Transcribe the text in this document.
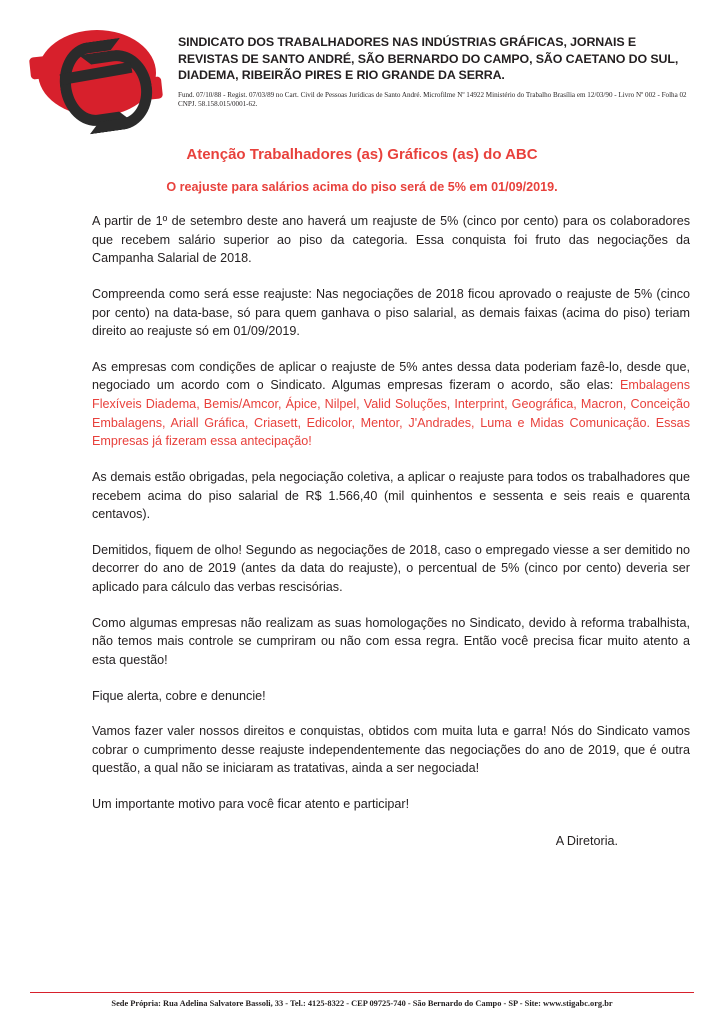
SINDICATO DOS TRABALHADORES NAS INDÚSTRIAS GRÁFICAS, JORNAIS E REVISTAS DE SANTO ANDRÉ, SÃO BERNARDO DO CAMPO, SÃO CAETANO DO SUL, DIADEMA, RIBEIRÃO PIRES E RIO GRANDE DA SERRA.
Fund. 07/10/88 - Regist. 07/03/89 no Cart. Civil de Pessoas Jurídicas de Santo André. Microfilme Nº 14922 Ministério do Trabalho Brasília em 12/03/90 - Livro Nº 002 - Folha 02 CNPJ. 58.158.015/0001-62.
Atenção Trabalhadores (as) Gráficos (as) do ABC
O reajuste para salários acima do piso será de 5% em 01/09/2019.

A partir de 1º de setembro deste ano haverá um reajuste de 5% (cinco por cento) para os colaboradores que recebem salário superior ao piso da categoria. Essa conquista foi fruto das negociações da Campanha Salarial de 2018.

Compreenda como será esse reajuste: Nas negociações de 2018 ficou aprovado o reajuste de 5% (cinco por cento) na data-base, só para quem ganhava o piso salarial, as demais faixas (acima do piso) teriam direito ao reajuste só em 01/09/2019.

As empresas com condições de aplicar o reajuste de 5% antes dessa data poderiam fazê-lo, desde que, negociado um acordo com o Sindicato. Algumas empresas fizeram o acordo, são elas: Embalagens Flexíveis Diadema, Bemis/Amcor, Ápice, Nilpel, Valid Soluções, Interprint, Geográfica, Macron, Conceição Embalagens, Ariall Gráfica, Criasett, Edicolor, Mentor, J'Andrades, Luma e Midas Comunicação. Essas Empresas já fizeram essa antecipação!

As demais estão obrigadas, pela negociação coletiva, a aplicar o reajuste para todos os trabalhadores que recebem acima do piso salarial de R$ 1.566,40 (mil quinhentos e sessenta e seis reais e quarenta centavos).

Demitidos, fiquem de olho! Segundo as negociações de 2018, caso o empregado viesse a ser demitido no decorrer do ano de 2019 (antes da data do reajuste), o percentual de 5% (cinco por cento) deveria ser aplicado para cálculo das verbas rescisórias.

Como algumas empresas não realizam as suas homologações no Sindicato, devido à reforma trabalhista, não temos mais controle se cumpriram ou não com essa regra. Então você precisa ficar muito atento a esta questão!

Fique alerta, cobre e denuncie!

Vamos fazer valer nossos direitos e conquistas, obtidos com muita luta e garra! Nós do Sindicato vamos cobrar o cumprimento desse reajuste independentemente das negociações do ano de 2019, que é outra questão, a qual não se iniciaram as tratativas, ainda a ser negociada!

Um importante motivo para você ficar atento e participar!

A Diretoria.
Sede Própria: Rua Adelina Salvatore Bassoli, 33 - Tel.: 4125-8322 - CEP 09725-740 - São Bernardo do Campo - SP - Site: www.stigabc.org.br
